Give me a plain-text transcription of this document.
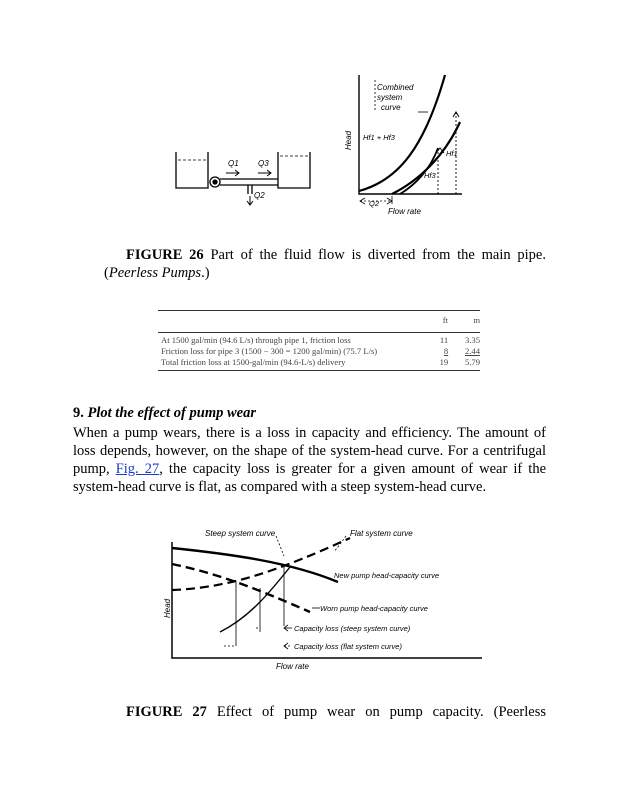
Q1 Q3
Q2
Combined
system
curve
Hf1 + Hf3
Hf1
Hf3
Q2
Flow rate
Head
FIGURE 26 Part of the fluid flow is diverted from the main pipe. (Peerless Pumps.)
	ft	m
At 1500 gal/min (94.6 L/s) through pipe 1, friction loss	11	3.35
Friction loss for pipe 3 (1500 − 300 = 1200 gal/min) (75.7 L/s)	8	2.44
Total friction loss at 1500-gal/min (94.6-L/s) delivery	19	5.79
9. Plot the effect of pump wear
When a pump wears, there is a loss in capacity and efficiency. The amount of loss depends, however, on the shape of the system-head curve. For a centrifugal pump, Fig. 27, the capacity loss is greater for a given amount of wear if the system-head curve is flat, as compared with a steep system-head curve.
Steep system curve	Flat system curve
New pump head-capacity curve
Worn pump head-capacity curve
Capacity loss (steep system curve)
Capacity loss (flat system curve)
Flow rate
Head
FIGURE 27 Effect of pump wear on pump capacity. (Peerless
